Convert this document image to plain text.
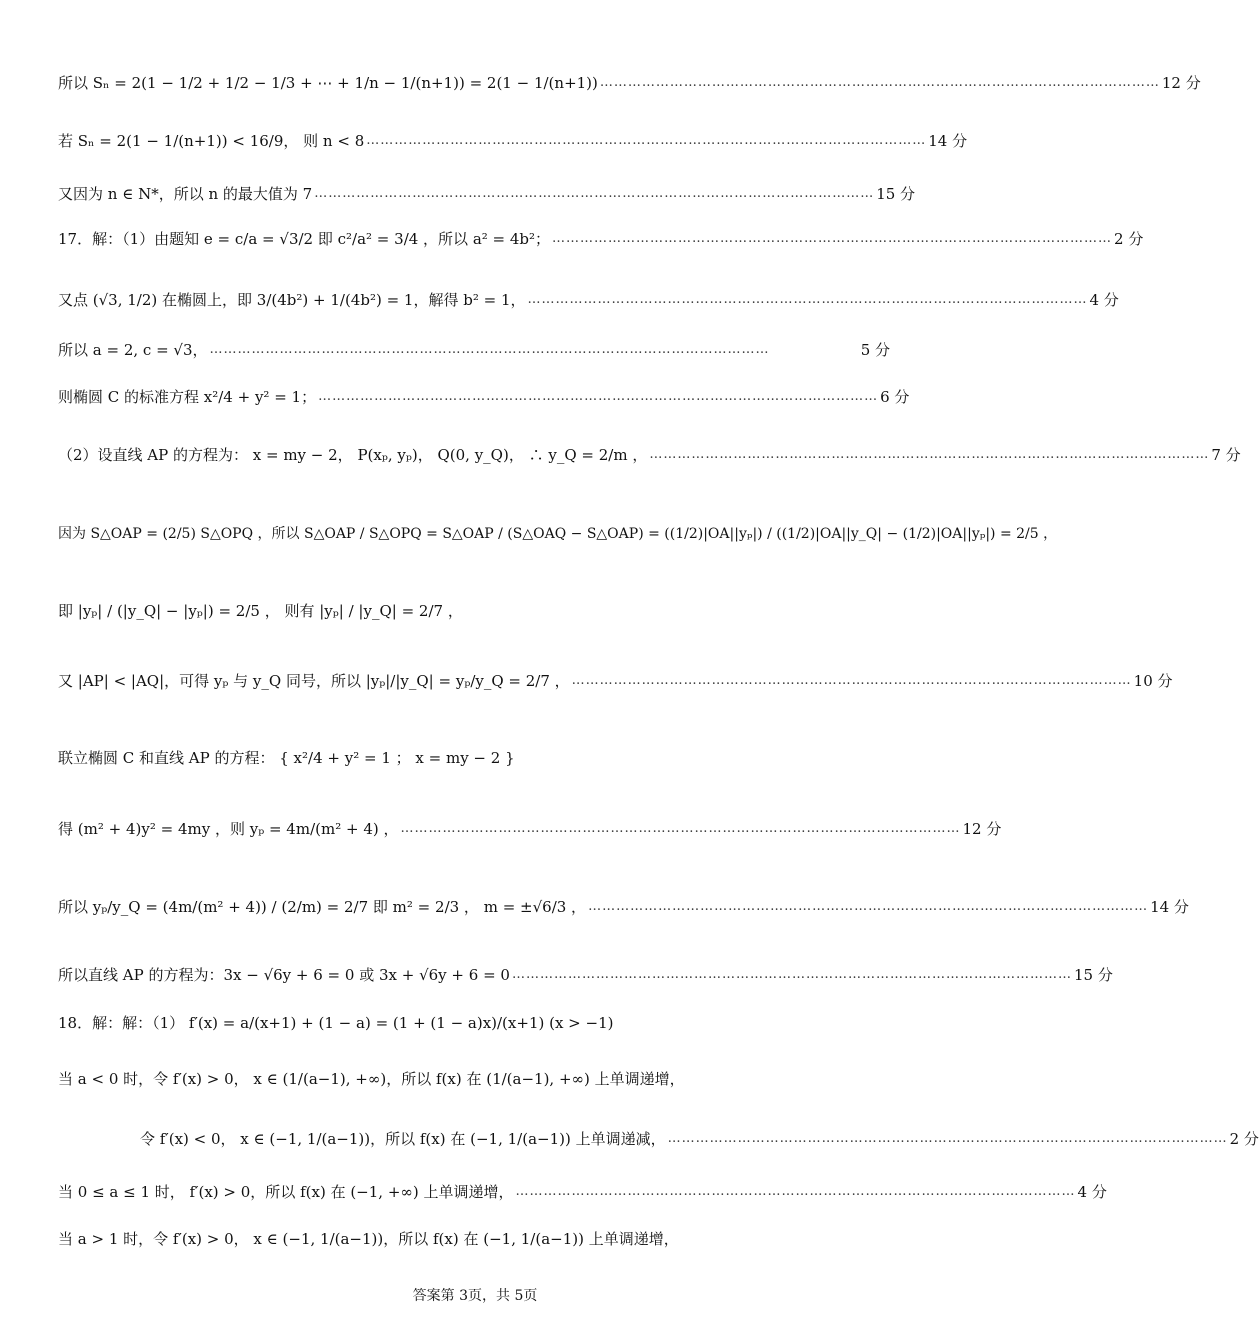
所以 Sₙ = 2(1 − 1/2 + 1/2 − 1/3 + ⋯ + 1/n − 1/(n+1)) = 2(1 − 1/(n+1)) ………………………………………………………………………………………………………… 12 分
若 Sₙ = 2(1 − 1/(n+1)) < 16/9， 则 n < 8 ………………………………………………………………………………………………………… 14 分
又因为 n ∈ N*，所以 n 的最大值为 7 ………………………………………………………………………………………………………… 15 分
17．解：（1）由题知 e = c/a = √3/2 即 c²/a² = 3/4 ，所以 a² = 4b²； ………………………………………………………………………………………………………… 2 分
又点 (√3, 1/2) 在椭圆上，即 3/(4b²) + 1/(4b²) = 1，解得 b² = 1， ………………………………………………………………………………………………………… 4 分
所以 a = 2, c = √3， …………………………………………………………………………………………………………	5 分
则椭圆 C 的标准方程 x²/4 + y² = 1； ………………………………………………………………………………………………………… 6 分
（2）设直线 AP 的方程为： x = my − 2， P(xₚ, yₚ)， Q(0, y_Q)， ∴ y_Q = 2/m ， ………………………………………………………………………………………………………… 7 分
因为 S△OAP = (2/5) S△OPQ ，所以 S△OAP / S△OPQ = S△OAP / (S△OAQ − S△OAP) = ((1/2)|OA||yₚ|) / ((1/2)|OA||y_Q| − (1/2)|OA||yₚ|) = 2/5 ，
即 |yₚ| / (|y_Q| − |yₚ|) = 2/5 ， 则有 |yₚ| / |y_Q| = 2/7 ，
又 |AP| < |AQ|，可得 yₚ 与 y_Q 同号，所以 |yₚ|/|y_Q| = yₚ/y_Q = 2/7 ， ………………………………………………………………………………………………………… 10 分
联立椭圆 C 和直线 AP 的方程： { x²/4 + y² = 1 ； x = my − 2 }
得 (m² + 4)y² = 4my ，则 yₚ = 4m/(m² + 4) ， ………………………………………………………………………………………………………… 12 分
所以 yₚ/y_Q = (4m/(m² + 4)) / (2/m) = 2/7 即 m² = 2/3 ， m = ±√6/3 ， ………………………………………………………………………………………………………… 14 分
所以直线 AP 的方程为：3x − √6y + 6 = 0 或 3x + √6y + 6 = 0 ………………………………………………………………………………………………………… 15 分
18．解：解：（1） f′(x) = a/(x+1) + (1 − a) = (1 + (1 − a)x)/(x+1) (x > −1)
当 a < 0 时，令 f′(x) > 0， x ∈ (1/(a−1), +∞)，所以 f(x) 在 (1/(a−1), +∞) 上单调递增，
令 f′(x) < 0， x ∈ (−1, 1/(a−1))，所以 f(x) 在 (−1, 1/(a−1)) 上单调递减， ………………………………………………………………………………………………………… 2 分
当 0 ≤ a ≤ 1 时， f′(x) > 0，所以 f(x) 在 (−1, +∞) 上单调递增， ………………………………………………………………………………………………………… 4 分
当 a > 1 时，令 f′(x) > 0， x ∈ (−1, 1/(a−1))，所以 f(x) 在 (−1, 1/(a−1)) 上单调递增，
答案第 3页，共 5页
